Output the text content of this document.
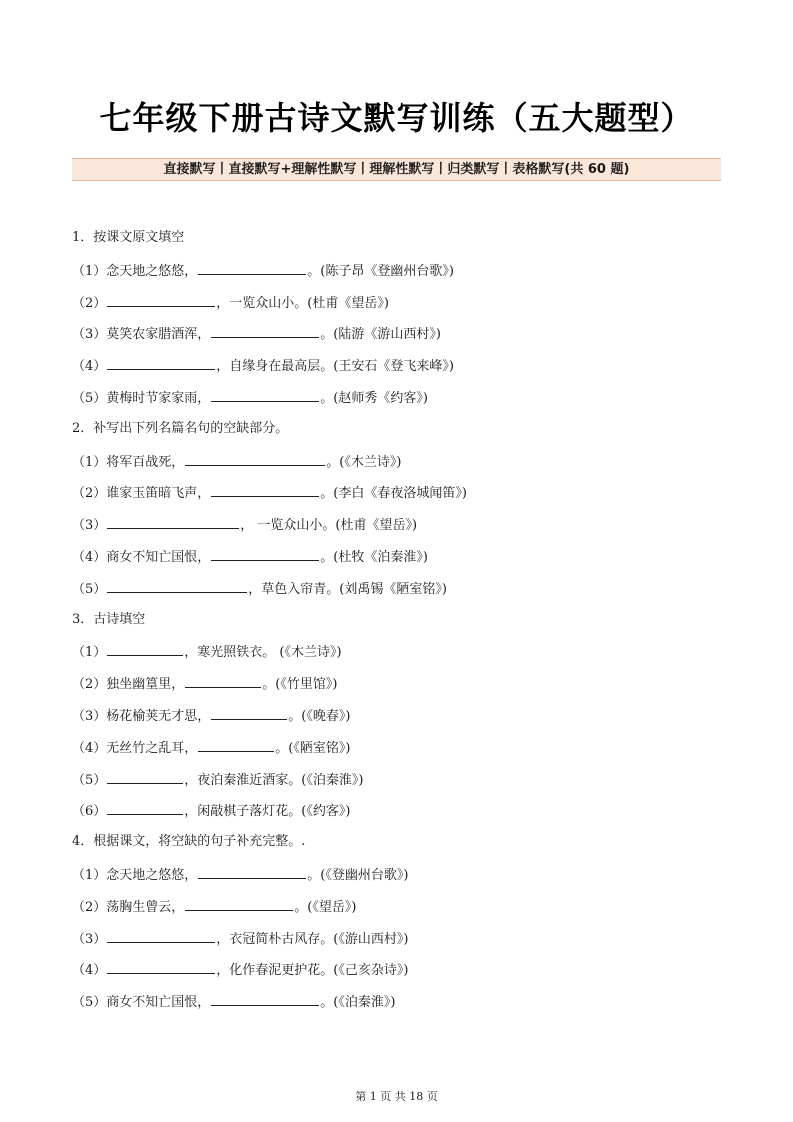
七年级下册古诗文默写训练（五大题型）
直接默写丨直接默写+理解性默写丨理解性默写丨归类默写丨表格默写(共 60 题)
1．按课文原文填空
（1）念天地之悠悠，	。(陈子昂《登幽州台歌》)
（2）	，一览众山小。(杜甫《望岳》)
（3）莫笑农家腊酒浑，	。(陆游《游山西村》)
（4）	，自缘身在最高层。(王安石《登飞来峰》)
（5）黄梅时节家家雨，	。(赵师秀《约客》)
2．补写出下列名篇名句的空缺部分。
（1）将军百战死，	。(《木兰诗》)
（2）谁家玉笛暗飞声，	。(李白《春夜洛城闻笛》)
（3）	， 一览众山小。(杜甫《望岳》)
（4）商女不知亡国恨，	。(杜牧《泊秦淮》)
（5）	，草色入帘青。(刘禹锡《陋室铭》)
3．古诗填空
（1）	，寒光照铁衣。 (《木兰诗》)
（2）独坐幽篁里，	。(《竹里馆》)
（3）杨花榆荚无才思，	。(《晚春》)
（4）无丝竹之乱耳，	。(《陋室铭》)
（5）	，夜泊秦淮近酒家。(《泊秦淮》)
（6）	，闲敲棋子落灯花。(《约客》)
4．根据课文，将空缺的句子补充完整。.
（1）念天地之悠悠，	。(《登幽州台歌》)
（2）荡胸生曾云，	。(《望岳》)
（3）	，衣冠简朴古风存。(《游山西村》)
（4）	，化作春泥更护花。(《己亥杂诗》)
（5）商女不知亡国恨，	。(《泊秦淮》)
第 1 页 共 18 页
